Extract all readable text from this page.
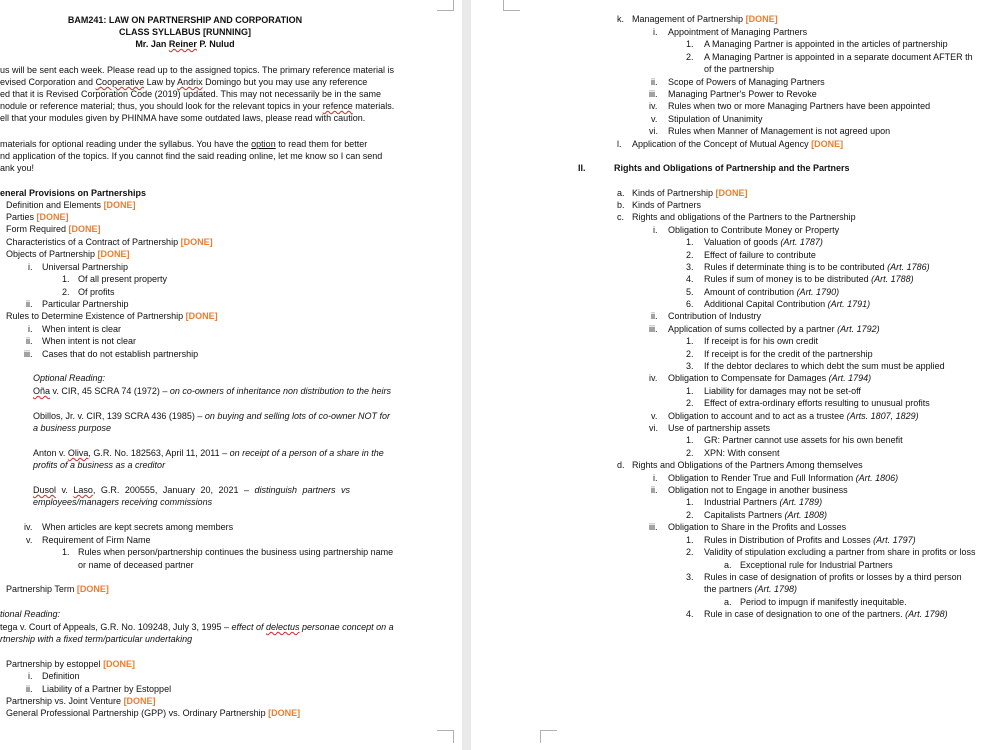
BAM241: LAW ON PARTNERSHIP AND CORPORATION
CLASS SYLLABUS [RUNNING]
Mr. Jan Reiner P. Nulud
us will be sent each week. Please read up to the assigned topics. The primary reference material is
evised Corporation and Cooperative Law by Andrix Domingo but you may use any reference
ed that it is Revised Corporation Code (2019) updated. This may not necessarily be in the same
nodule or reference material; thus, you should look for the relevant topics in your refence materials.
ell that your modules given by PHINMA have some outdated laws, please read with caution.
materials for optional reading under the syllabus. You have the option to read them for better
nd application of the topics. If you cannot find the said reading online, let me know so I can send
ank you!
eneral Provisions on Partnerships
Definition and Elements [DONE]
Parties [DONE]
Form Required [DONE]
Characteristics of a Contract of Partnership [DONE]
Objects of Partnership [DONE]
i. Universal Partnership
1. Of all present property
2. Of profits
ii. Particular Partnership
Rules to Determine Existence of Partnership [DONE]
i. When intent is clear
ii. When intent is not clear
iii. Cases that do not establish partnership
Optional Reading:
Oña v. CIR, 45 SCRA 74 (1972) – on co-owners of inheritance non distribution to the heirs
Obillos, Jr. v. CIR, 139 SCRA 436 (1985) – on buying and selling lots of co-owner NOT for
a business purpose
Anton v. Oliva, G.R. No. 182563, April 11, 2011 – on receipt of a person of a share in the
profits of a business as a creditor
Dusol v. Laso, G.R. 200555, January 20, 2021 – distinguish partners vs
employees/managers receiving commissions
iv. When articles are kept secrets among members
v. Requirement of Firm Name
1. Rules when person/partnership continues the business using partnership name
or name of deceased partner
Partnership Term [DONE]
tional Reading:
tega v. Court of Appeals, G.R. No. 109248, July 3, 1995 – effect of delectus personae concept on a
rtnership with a fixed term/particular undertaking
Partnership by estoppel [DONE]
i. Definition
ii. Liability of a Partner by Estoppel
Partnership vs. Joint Venture [DONE]
General Professional Partnership (GPP) vs. Ordinary Partnership [DONE]
k. Management of Partnership [DONE]
i. Appointment of Managing Partners
1. A Managing Partner is appointed in the articles of partnership
2. A Managing Partner is appointed in a separate document AFTER th
of the partnership
ii. Scope of Powers of Managing Partners
iii. Managing Partner's Power to Revoke
iv. Rules when two or more Managing Partners have been appointed
v. Stipulation of Unanimity
vi. Rules when Manner of Management is not agreed upon
l. Application of the Concept of Mutual Agency [DONE]
II.	Rights and Obligations of Partnership and the Partners
a. Kinds of Partnership [DONE]
b. Kinds of Partners
c. Rights and obligations of the Partners to the Partnership
i. Obligation to Contribute Money or Property
1. Valuation of goods (Art. 1787)
2. Effect of failure to contribute
3. Rules if determinate thing is to be contributed (Art. 1786)
4. Rules if sum of money is to be distributed (Art. 1788)
5. Amount of contribution (Art. 1790)
6. Additional Capital Contribution (Art. 1791)
ii. Contribution of Industry
iii. Application of sums collected by a partner (Art. 1792)
1. If receipt is for his own credit
2. If receipt is for the credit of the partnership
3. If the debtor declares to which debt the sum must be applied
iv. Obligation to Compensate for Damages (Art. 1794)
1. Liability for damages may not be set-off
2. Effect of extra-ordinary efforts resulting to unusual profits
v. Obligation to account and to act as a trustee (Arts. 1807, 1829)
vi. Use of partnership assets
1. GR: Partner cannot use assets for his own benefit
2. XPN: With consent
d. Rights and Obligations of the Partners Among themselves
i. Obligation to Render True and Full Information (Art. 1806)
ii. Obligation not to Engage in another business
1. Industrial Partners (Art. 1789)
2. Capitalists Partners (Art. 1808)
iii. Obligation to Share in the Profits and Losses
1. Rules in Distribution of Profits and Losses (Art. 1797)
2. Validity of stipulation excluding a partner from share in profits or loss
a. Exceptional rule for Industrial Partners
3. Rules in case of designation of profits or losses by a third person
the partners (Art. 1798)
a. Period to impugn if manifestly inequitable.
4. Rule in case of designation to one of the partners. (Art. 1798)
